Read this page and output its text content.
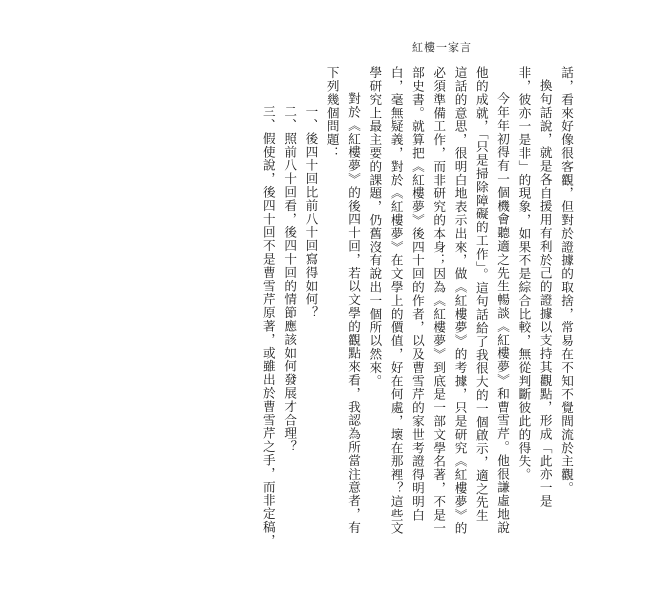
紅樓一家言
話，看來好像很客觀，但對於證據的取捨，常易在不知不覺間流於主觀。
換句話說，就是各自援用有利於己的證據以支持其觀點，形成「此亦一是
非，彼亦一是非」的現象，如果不是綜合比較，無從判斷彼此的得失。
今年年初得有一個機會聽適之先生暢談《紅樓夢》和曹雪芹。他很謙虛地說
他的成就，「只是掃除障礙的工作」。這句話給了我很大的一個啟示，適之先生
這話的意思，很明白地表示出來，做《紅樓夢》的考據，只是研究《紅樓夢》的
必須準備工作，而非研究的本身；因為《紅樓夢》到底是一部文學名著，不是一
部史書。就算把《紅樓夢》後四十回的作者，以及曹雪芹的家世考證得明明白
白，毫無疑義，對於《紅樓夢》在文學上的價值，好在何處，壞在那裡？這些文
學研究上最主要的課題，仍舊沒有說出一個所以然來。
對於《紅樓夢》的後四十回，若以文學的觀點來看，我認為所當注意者，有
下列幾個問題：
一、後四十回比前八十回寫得如何？
二、照前八十回看，後四十回的情節應該如何發展才合理？
三、假使說，後四十回不是曹雪芹原著，或雖出於曹雪芹之手，而非定稿，
